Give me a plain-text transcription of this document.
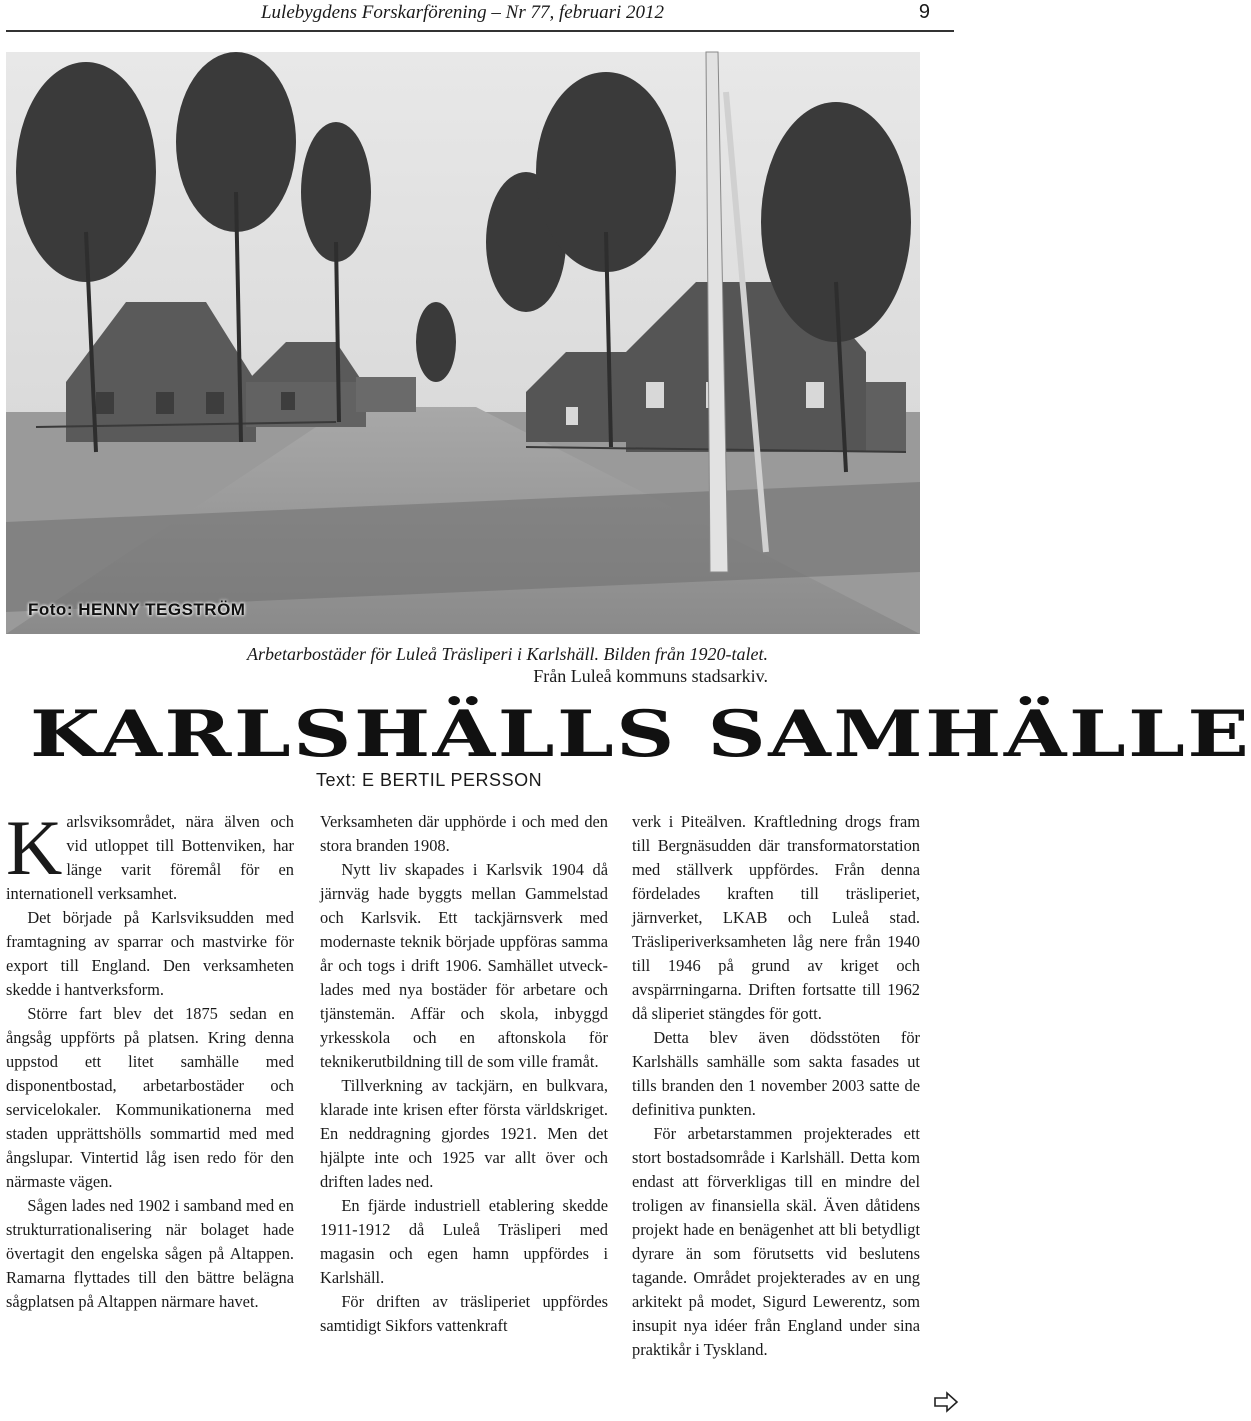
Lulebygdens Forskarförening – Nr 77, februari 2012	9
Foto: HENNY TEGSTRÖM
Arbetarbostäder för Luleå Träsliperi i Karlshäll. Bilden från 1920-talet.
Från Luleå kommuns stadsarkiv.
KARLSHÄLLS SAMHÄLLE
Text: E BERTIL PERSSON

Karlsviksområdet, nära älven och vid utloppet till Bottenviken, har länge varit föremål för en internationell verksamhet.

Det började på Karlsviksudden med framtagning av sparrar och mastvirke för export till England. Den verksamheten skedde i hantverksform.

Större fart blev det 1875 sedan en ångsåg uppförts på platsen. Kring denna uppstod ett litet samhälle med disponentbostad, arbetarbostäder och servicelokaler. Kommunikationerna med staden upprättshölls sommartid med med ångslupar. Vintertid låg isen redo för den närmaste vägen.

Sågen lades ned 1902 i samband med en strukturrationalisering när bolaget hade övertagit den engelska sågen på Altappen. Ramarna flyttades till den bättre belägna sågplatsen på Altappen närmare havet.

Verksamheten där upphörde i och med den stora branden 1908.

Nytt liv skapades i Karlsvik 1904 då järnväg hade byggts mellan Gammelstad och Karlsvik. Ett tackjärnsverk med modernaste teknik började uppföras samma år och togs i drift 1906. Samhället utvecklades med nya bostäder för arbetare och tjänstemän. Affär och skola, inbyggd yrkesskola och en aftonskola för teknikerutbildning till de som ville framåt.

Tillverkning av tackjärn, en bulkvara, klarade inte krisen efter första världskriget. En neddragning gjordes 1921. Men det hjälpte inte och 1925 var allt över och driften lades ned.

En fjärde industriell etablering skedde 1911-1912 då Luleå Träsliperi med magasin och egen hamn uppfördes i Karlshäll.

För driften av träsliperiet uppfördes samtidigt Sikfors vattenkraft

verk i Piteälven. Kraftledning drogs fram till Bergnäsudden där transformatorstation med ställverk uppfördes. Från denna fördelades kraften till träsliperiet, järnverket, LKAB och Luleå stad. Träsliperiverksamheten låg nere från 1940 till 1946 på grund av kriget och avspärrningarna. Driften fortsatte till 1962 då sliperiet stängdes för gott.

Detta blev även dödsstöten för Karlshälls samhälle som sakta fasades ut tills branden den 1 november 2003 satte de definitiva punkten.

För arbetarstammen projekterades ett stort bostadsområde i Karlshäll. Detta kom endast att förverkligas till en mindre del troligen av finansiella skäl. Även dåtidens projekt hade en benägenhet att bli betydligt dyrare än som förutsetts vid beslutens tagande. Området projekterades av en ung arkitekt på modet, Sigurd Lewerentz, som insupit nya idéer från England under sina praktikår i Tyskland.
